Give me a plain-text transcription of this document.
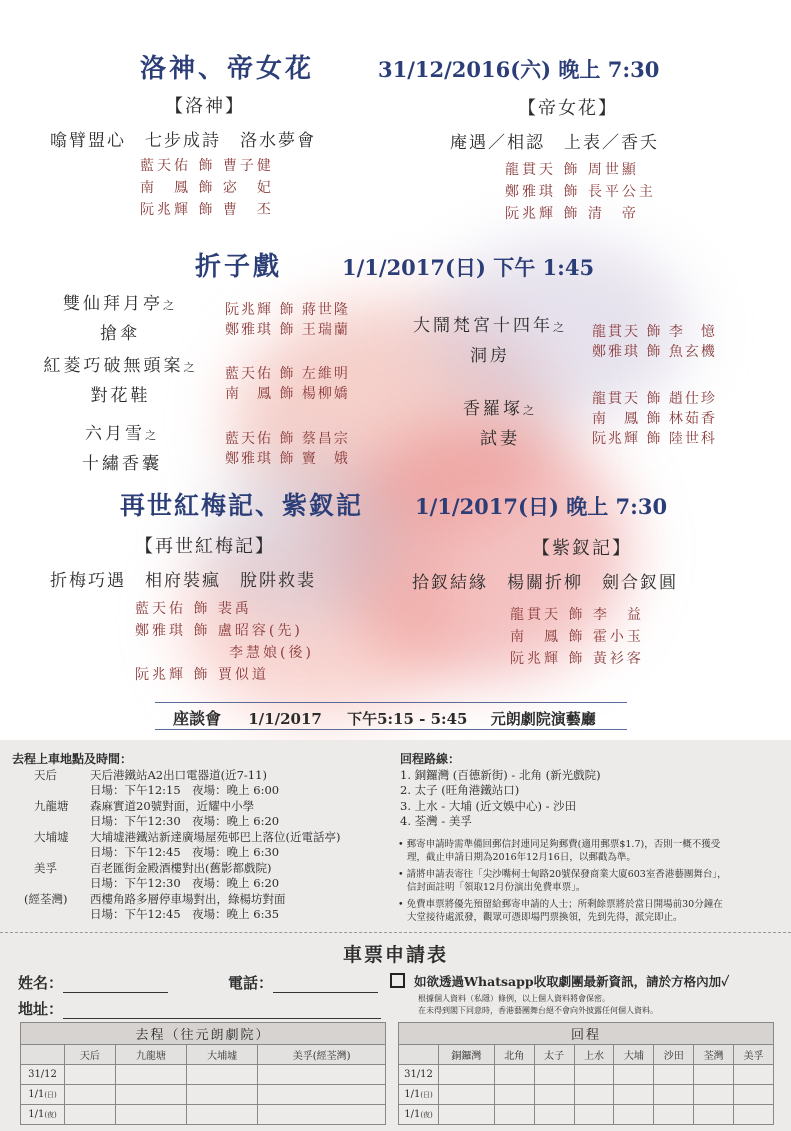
洛神、帝女花	31/12/2016(六) 晚上 7:30
【洛神】
噏臂盟心　七步成詩　洛水夢會
藍天佑 飾 曹子健
南　鳳 飾 宓　妃
阮兆輝 飾 曹　丕
【帝女花】
庵遇／相認　上表／香夭
龍貫天 飾 周世顯
鄭雅琪 飾 長平公主
阮兆輝 飾 清　帝
折子戲	1/1/2017(日) 下午 1:45
雙仙拜月亭之
搶傘
阮兆輝 飾 蔣世隆
鄭雅琪 飾 王瑞蘭
紅菱巧破無頭案之
對花鞋
藍天佑 飾 左維明
南　鳳 飾 楊柳嬌
六月雪之
十繡香囊
藍天佑 飾 蔡昌宗
鄭雅琪 飾 竇　娥
大鬧梵宮十四年之
洞房
龍貫天 飾 李　憶
鄭雅琪 飾 魚玄機
香羅塚之
試妻
龍貫天 飾 趙仕珍
南　鳳 飾 林茹香
阮兆輝 飾 陸世科
再世紅梅記、紫釵記 1/1/2017(日) 晚上 7:30
【再世紅梅記】
折梅巧遇　相府裝瘋　脫阱救裴
藍天佑 飾 裴禹
鄭雅琪 飾 盧昭容(先)
李慧娘(後)
阮兆輝 飾 賈似道
【紫釵記】
拾釵結緣　楊關折柳　劍合釵圓
龍貫天 飾 李　益
南　鳳 飾 霍小玉
阮兆輝 飾 黃衫客
座談會 1/1/2017 下午5:15 - 5:45 元朗劇院演藝廳
去程上車地點及時間：
天后	天后港鐵站A2出口電器道(近7-11)
日場：下午12:15　夜場：晚上 6:00
九龍塘 森麻實道20號對面，近耀中小學
日場：下午12:30　夜場：晚上 6:20
大埔墟 大埔墟港鐵站新達廣場屋苑邨巴上落位(近電話亭)
日場：下午12:45　夜場：晚上 6:30
美孚	百老匯街金殿酒樓對出(舊影都戲院)
日場：下午12:30　夜場：晚上 6:20
(經荃灣) 西樓角路多層停車場對出，綠楊坊對面
日場：下午12:45　夜場：晚上 6:35
回程路線：
1. 銅鑼灣 (百德新街) - 北角 (新光戲院)
2. 太子 (旺角港鐵站口)
3. 上水 - 大埔 (近文娛中心) - 沙田
4. 荃灣 - 美孚
• 郵寄申請時需準備回郵信封連同足夠郵費(適用郵票$1.7)，否則一概不獲受
理，截止申請日期為2016年12月16日，以郵戳為準。
• 請將申請表寄往「尖沙嘴柯士甸路20號保發商業大廈603室香港藝團舞台」，
信封面註明「領取12月份演出免費車票」。
• 免費車票將優先預留給郵寄申請的人士；所剩餘票將於當日開場前30分鐘在
大堂接待處派發，觀眾可憑即場門票換領，先到先得，派完即止。
車票申請表
姓名：	電話：
地址：
如欲透過Whatsapp收取劇團最新資訊，請於方格內加✓
根據個人資料（私隱）條例，以上個人資料將會保密。
在未得到閣下同意時，香港藝團舞台絕不會向外披露任何個人資料。
去程（往元朗劇院）				
	天后	九龍塘	大埔墟	美孚(經荃灣)
31/12				
1/1(日)				
1/1(夜)				
回程								
	銅鑼灣	北角	太子	上水	大埔	沙田	荃灣	美孚
31/12								
1/1(日)								
1/1(夜)								
